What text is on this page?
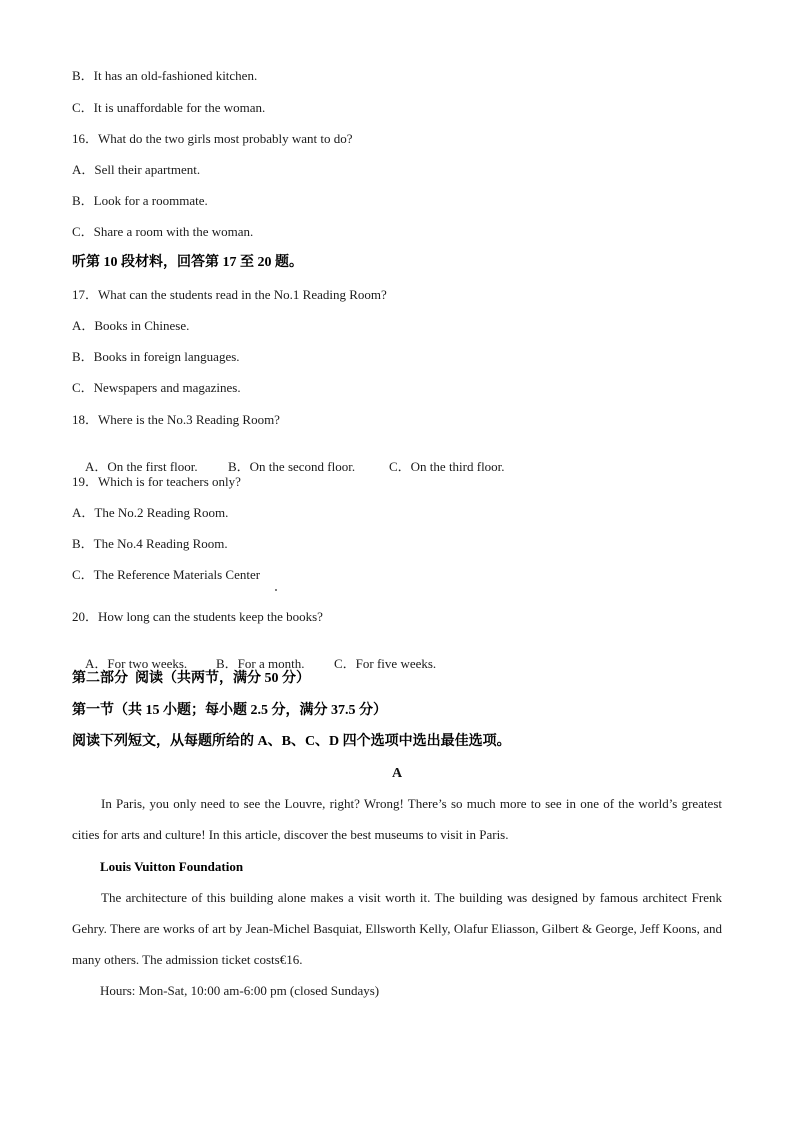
B．It has an old-fashioned kitchen.
C．It is unaffordable for the woman.
16．What do the two girls most probably want to do?
A．Sell their apartment.
B．Look for a roommate.
C．Share a room with the woman.
听第 10 段材料，回答第 17 至 20 题。
17．What can the students read in the No.1 Reading Room?
A．Books in Chinese.
B．Books in foreign languages.
C．Newspapers and magazines.
18．Where is the No.3 Reading Room?

A．On the first floor. B．On the second floor.	C．On the third floor.

19．Which is for teachers only?
A．The No.2 Reading Room.
B．The No.4 Reading Room.
C．The Reference Materials Center
20．How long can the students keep the books?

A．For two weeks. B．For a month. C．For five weeks.

第二部分  阅读（共两节，满分 50 分）
第一节（共 15 小题；每小题 2.5 分，满分 37.5 分）
阅读下列短文，从每题所给的 A、B、C、D 四个选项中选出最佳选项。
A
In Paris, you only need to see the Louvre, right? Wrong! There’s so much more to see in one of the world’s greatest cities for arts and culture! In this article, discover the best museums to visit in Paris.
Louis Vuitton Foundation
The architecture of this building alone makes a visit worth it. The building was designed by famous architect Frenk Gehry. There are works of art by Jean-Michel Basquiat, Ellsworth Kelly, Olafur Eliasson, Gilbert & George, Jeff Koons, and many others. The admission ticket costs€16.
Hours: Mon-Sat, 10:00 am-6:00 pm (closed Sundays)
